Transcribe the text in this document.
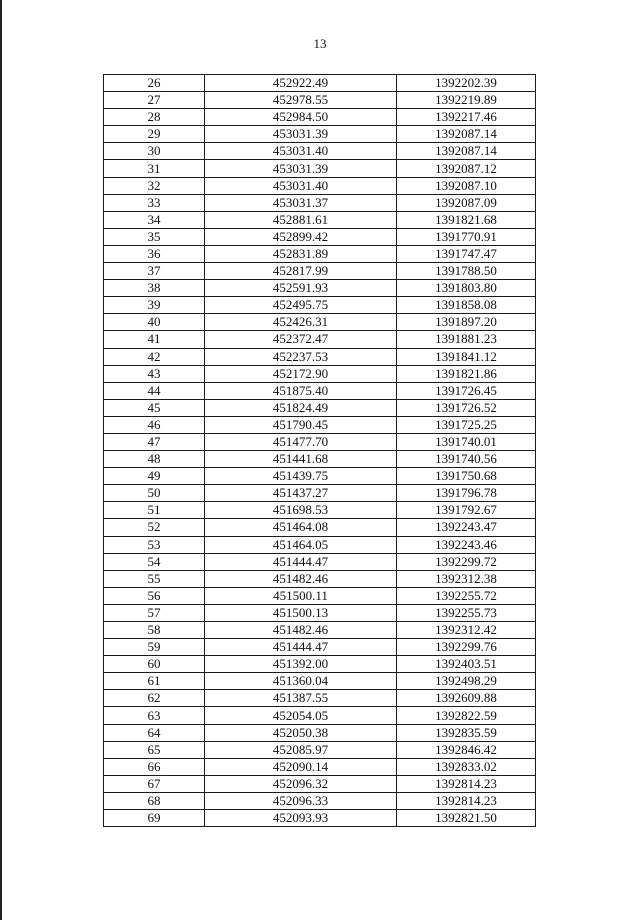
13
26	452922.49	1392202.39
27	452978.55	1392219.89
28	452984.50	1392217.46
29	453031.39	1392087.14
30	453031.40	1392087.14
31	453031.39	1392087.12
32	453031.40	1392087.10
33	453031.37	1392087.09
34	452881.61	1391821.68
35	452899.42	1391770.91
36	452831.89	1391747.47
37	452817.99	1391788.50
38	452591.93	1391803.80
39	452495.75	1391858.08
40	452426.31	1391897.20
41	452372.47	1391881.23
42	452237.53	1391841.12
43	452172.90	1391821.86
44	451875.40	1391726.45
45	451824.49	1391726.52
46	451790.45	1391725.25
47	451477.70	1391740.01
48	451441.68	1391740.56
49	451439.75	1391750.68
50	451437.27	1391796.78
51	451698.53	1391792.67
52	451464.08	1392243.47
53	451464.05	1392243.46
54	451444.47	1392299.72
55	451482.46	1392312.38
56	451500.11	1392255.72
57	451500.13	1392255.73
58	451482.46	1392312.42
59	451444.47	1392299.76
60	451392.00	1392403.51
61	451360.04	1392498.29
62	451387.55	1392609.88
63	452054.05	1392822.59
64	452050.38	1392835.59
65	452085.97	1392846.42
66	452090.14	1392833.02
67	452096.32	1392814.23
68	452096.33	1392814.23
69	452093.93	1392821.50
